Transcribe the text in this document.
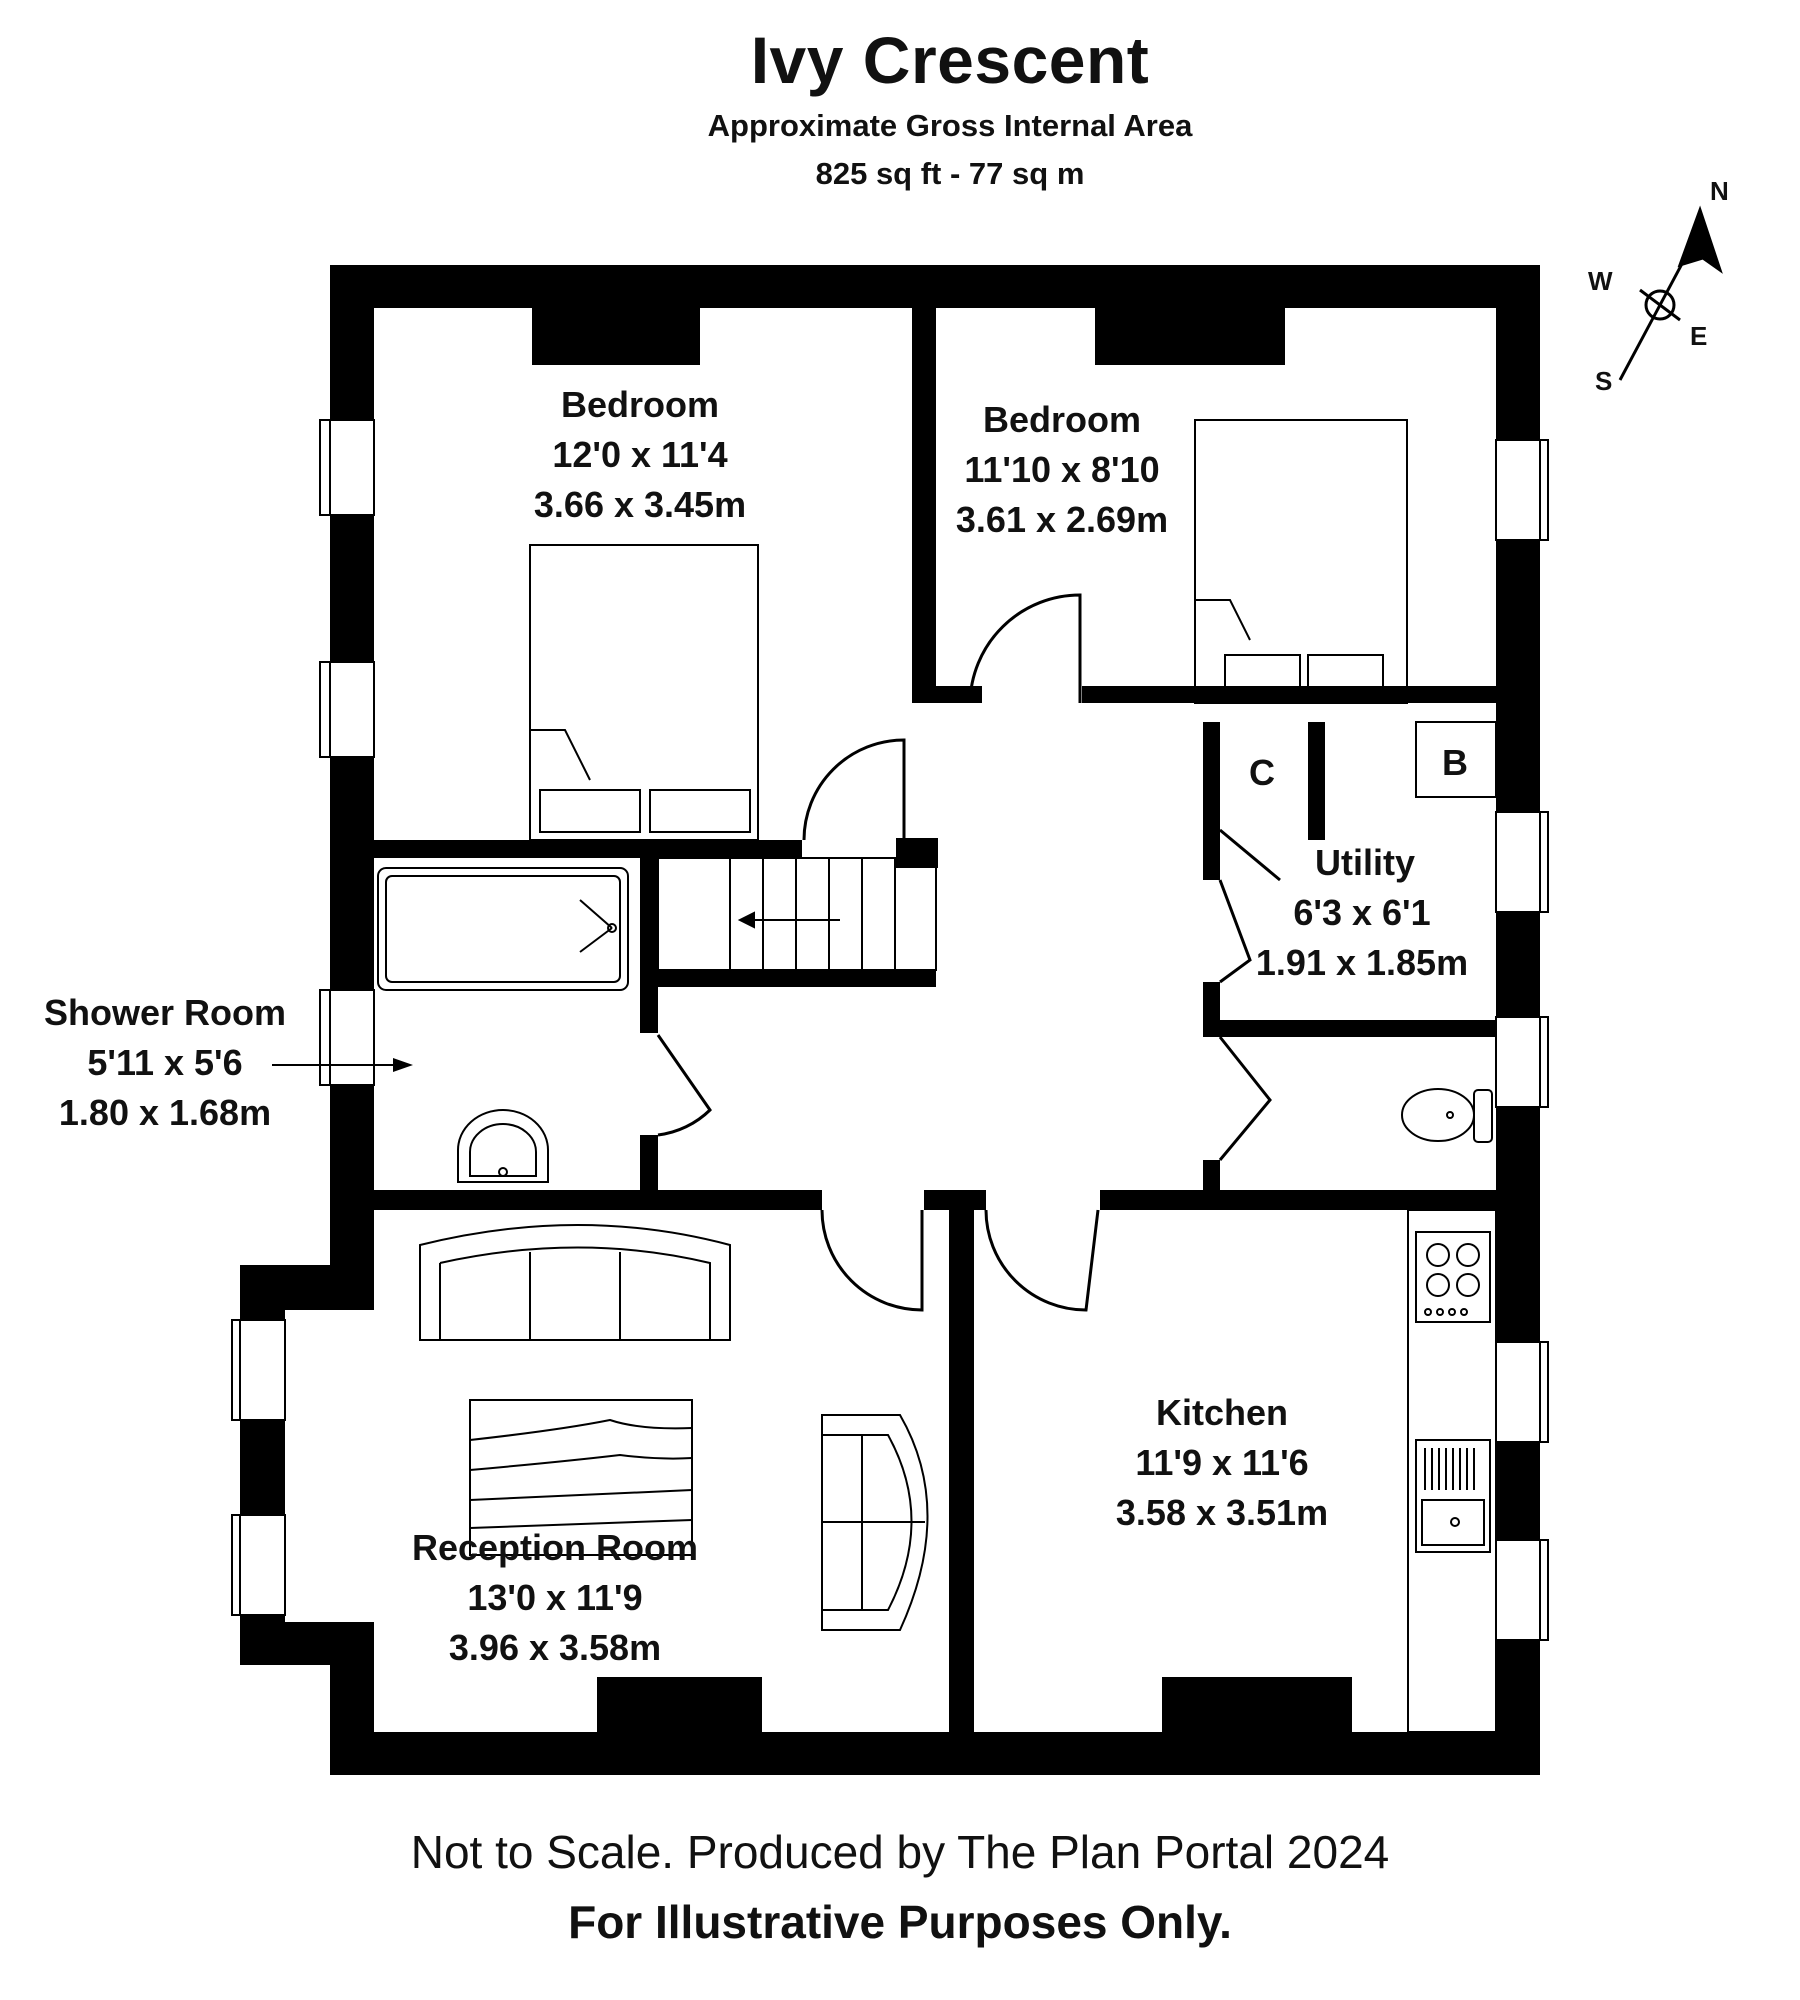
Ivy Crescent
Approximate Gross Internal Area
825 sq ft - 77 sq m	N
W
E
S
Bedroom
12'0 x 11'4
3.66 x 3.45m
Bedroom
11'10 x 8'10
3.61 x 2.69m
Utility
6'3 x 6'1
1.91 x 1.85m
Shower Room
5'11 x 5'6
1.80 x 1.68m
Reception Room
13'0 x 11'9
3.96 x 3.58m
Kitchen
11'9 x 11'6
3.58 x 3.51m
C	B
Not to Scale. Produced by The Plan Portal 2024
For Illustrative Purposes Only.
